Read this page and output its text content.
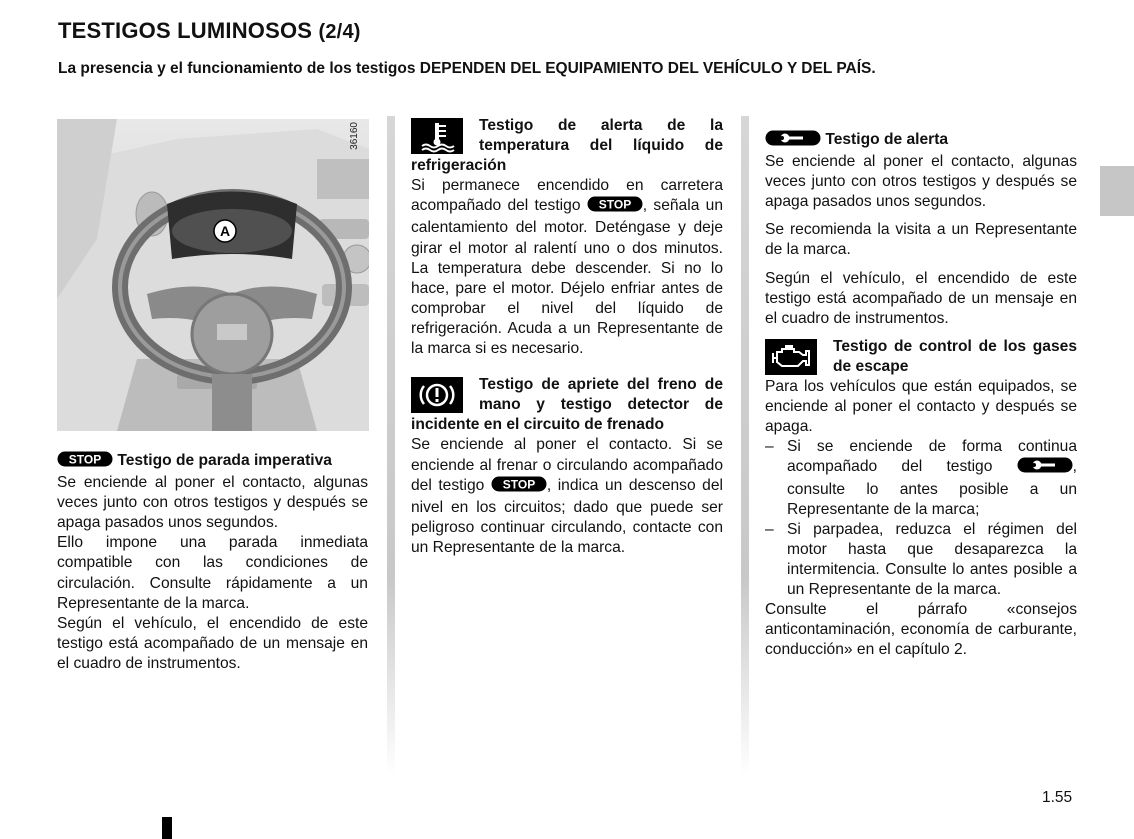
TESTIGOS LUMINOSOS (2/4)
La presencia y el funcionamiento de los testigos DEPENDEN DEL EQUIPAMIENTO DEL VEHÍCULO Y DEL PAÍS.
A
36160

STOP Testigo de parada imperativa

Se enciende al poner el contacto, algunas veces junto con otros testigos y después se apaga pasados unos segundos.

Ello impone una parada inmediata compatible con las condiciones de circulación. Consulte rápidamente a un Representante de la marca.

Según el vehículo, el encendido de este testigo está acompañado de un mensaje en el cuadro de instrumentos.

Testigo de alerta de la temperatura del líquido de refrigeración

Si permanece encendido en carretera acompañado del testigo STOP , señala un calentamiento del motor. Deténgase y deje girar el motor al ralentí uno o dos minutos. La temperatura debe descender. Si no lo hace, pare el motor. Déjelo enfriar antes de comprobar el nivel del líquido de refrigeración. Acuda a un Representante de la marca si es necesario.

Testigo de apriete del freno de mano y testigo detector de incidente en el circuito de frenado

Se enciende al poner el contacto. Si se enciende al frenar o circulando acompañado del testigo STOP , indica un descenso del nivel en los circuitos; dado que puede ser peligroso continuar circulando, contacte con un Representante de la marca.

Testigo de alerta

Se enciende al poner el contacto, algunas veces junto con otros testigos y después se apaga pasados unos segundos.

Se recomienda la visita a un Representante de la marca.

Según el vehículo, el encendido de este testigo está acompañado de un mensaje en el cuadro de instrumentos.

Testigo de control de los gases de escape

Para los vehículos que están equipados, se enciende al poner el contacto y después se apaga.

– Si se enciende de forma continua acompañado del testigo	, consulte lo antes posible a un Representante de la marca;
– Si parpadea, reduzca el régimen del motor hasta que desaparezca la intermitencia. Consulte lo antes posible a un Representante de la marca.

Consulte el párrafo «consejos anticontaminación, economía de carburante, conducción» en el capítulo 2.

1.55
